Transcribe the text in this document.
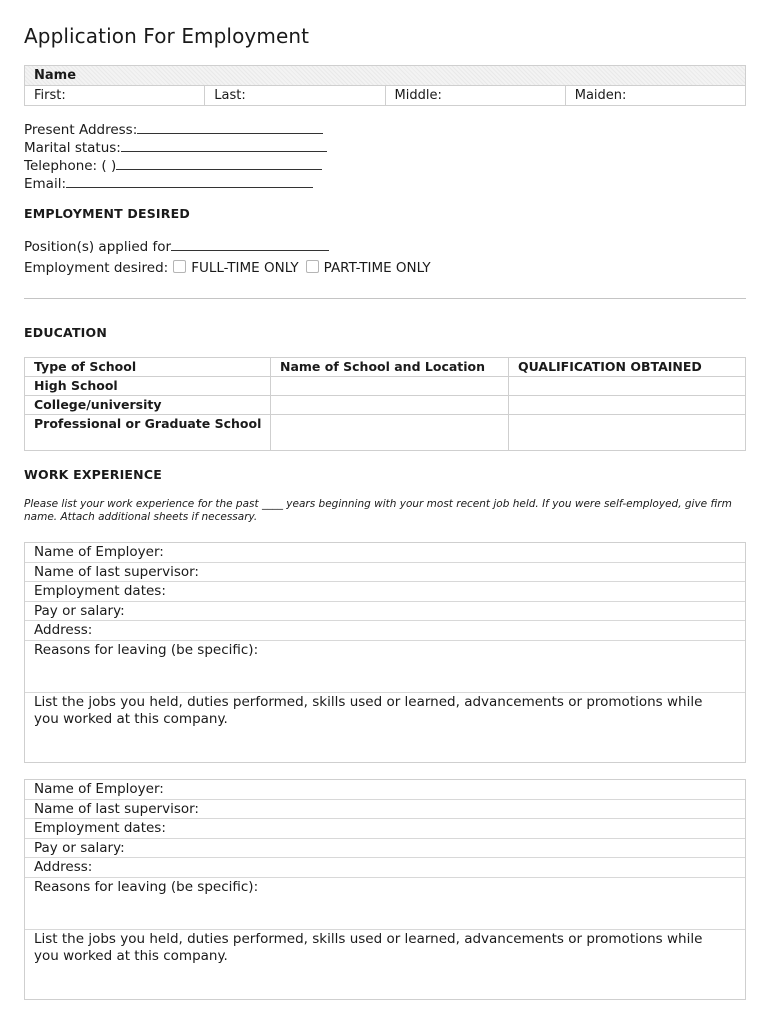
Application For Employment
Name
First:	Last:	Middle:	Maiden:
Present Address:
Marital status:
Telephone: ( )
Email:
EMPLOYMENT DESIRED
Position(s) applied for
Employment desired: FULL-TIME ONLY PART-TIME ONLY
EDUCATION
Type of School	Name of School and Location	QUALIFICATION OBTAINED
High School		
College/university		
Professional or Graduate School		
WORK EXPERIENCE
Please list your work experience for the past ____ years beginning with your most recent job held. If you were self-employed, give firm name. Attach additional sheets if necessary.
Name of Employer:
Name of last supervisor:
Employment dates:
Pay or salary:
Address:
Reasons for leaving (be specific):
List the jobs you held, duties performed, skills used or learned, advancements or promotions while you worked at this company.
Name of Employer:
Name of last supervisor:
Employment dates:
Pay or salary:
Address:
Reasons for leaving (be specific):
List the jobs you held, duties performed, skills used or learned, advancements or promotions while you worked at this company.
